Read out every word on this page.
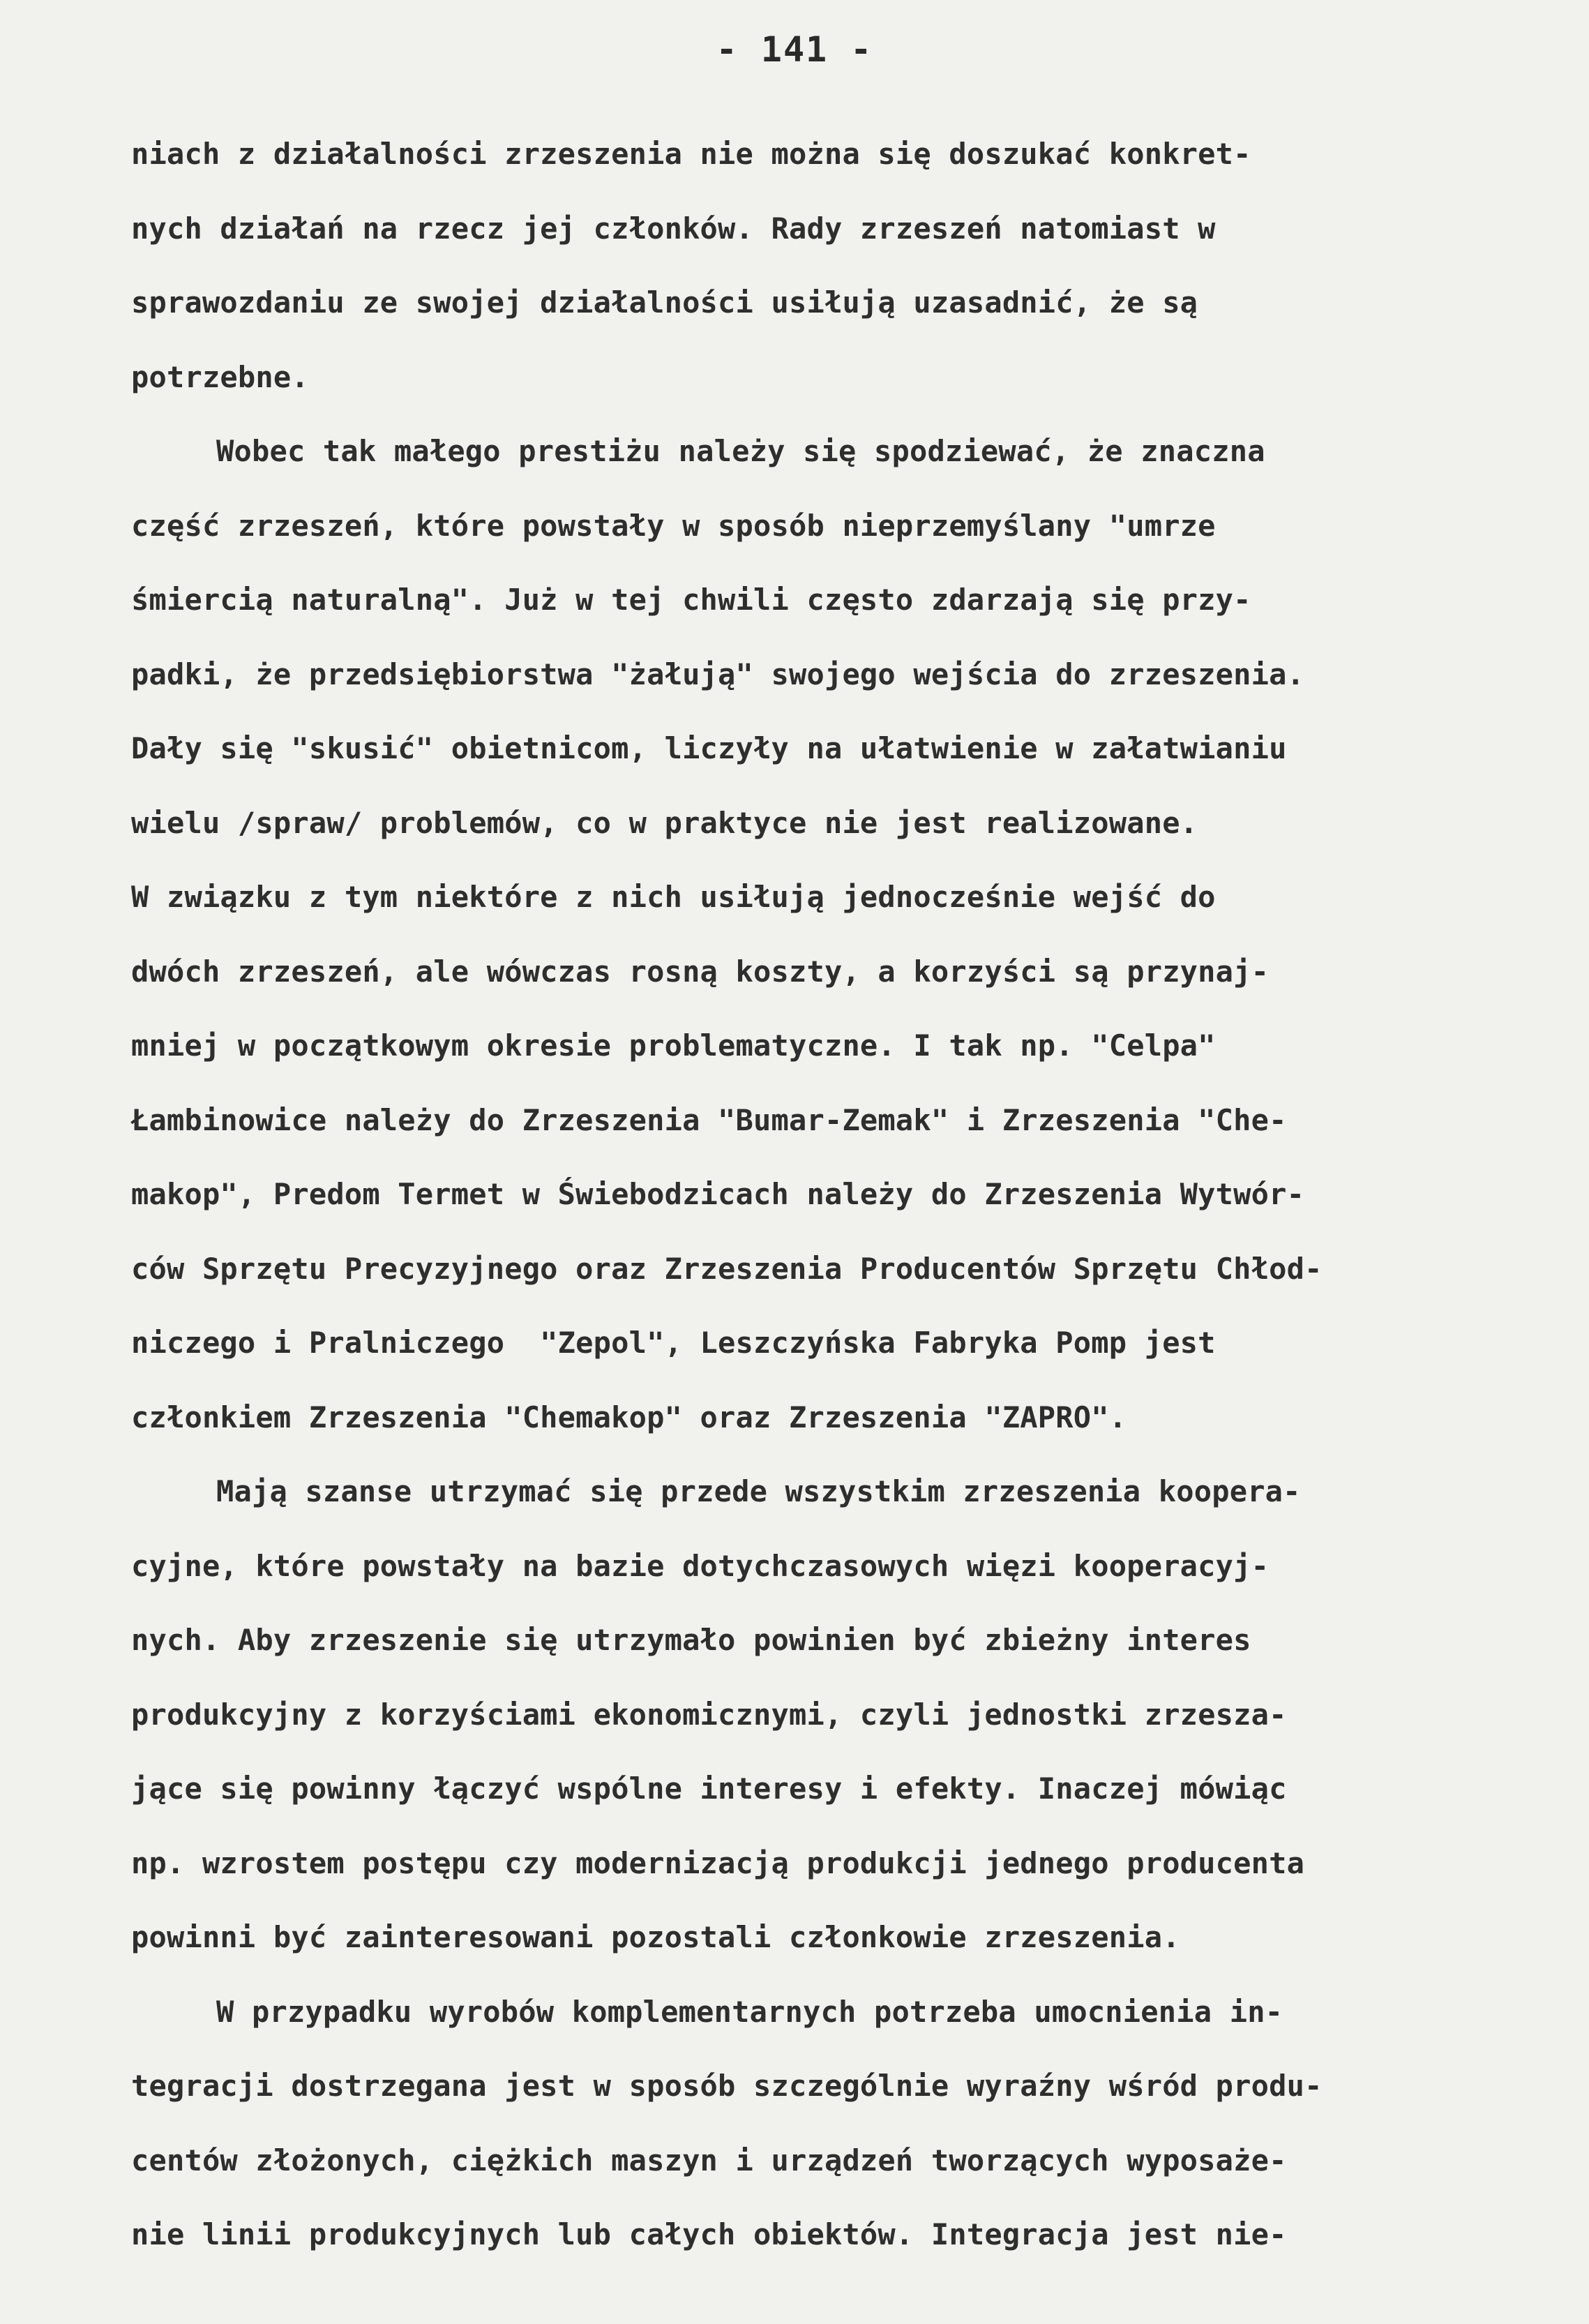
- 141 -
niach z działalności zrzeszenia nie można się doszukać konkret-
nych działań na rzecz jej członków. Rady zrzeszeń natomiast w
sprawozdaniu ze swojej działalności usiłują uzasadnić, że są
potrzebne.
Wobec tak małego prestiżu należy się spodziewać, że znaczna
część zrzeszeń, które powstały w sposób nieprzemyślany "umrze
śmiercią naturalną". Już w tej chwili często zdarzają się przy-
padki, że przedsiębiorstwa "żałują" swojego wejścia do zrzeszenia.
Dały się "skusić" obietnicom, liczyły na ułatwienie w załatwianiu
wielu /spraw/ problemów, co w praktyce nie jest realizowane.
W związku z tym niektóre z nich usiłują jednocześnie wejść do
dwóch zrzeszeń, ale wówczas rosną koszty, a korzyści są przynaj-
mniej w początkowym okresie problematyczne. I tak np. "Celpa"
Łambinowice należy do Zrzeszenia "Bumar-Zemak" i Zrzeszenia "Che-
makop", Predom Termet w Świebodzicach należy do Zrzeszenia Wytwór-
ców Sprzętu Precyzyjnego oraz Zrzeszenia Producentów Sprzętu Chłod-
niczego i Pralniczego  "Zepol", Leszczyńska Fabryka Pomp jest
członkiem Zrzeszenia "Chemakop" oraz Zrzeszenia "ZAPRO".
Mają szanse utrzymać się przede wszystkim zrzeszenia koopera-
cyjne, które powstały na bazie dotychczasowych więzi kooperacyj-
nych. Aby zrzeszenie się utrzymało powinien być zbieżny interes
produkcyjny z korzyściami ekonomicznymi, czyli jednostki zrzesza-
jące się powinny łączyć wspólne interesy i efekty. Inaczej mówiąc
np. wzrostem postępu czy modernizacją produkcji jednego producenta
powinni być zainteresowani pozostali członkowie zrzeszenia.
W przypadku wyrobów komplementarnych potrzeba umocnienia in-
tegracji dostrzegana jest w sposób szczególnie wyraźny wśród produ-
centów złożonych, ciężkich maszyn i urządzeń tworzących wyposaże-
nie linii produkcyjnych lub całych obiektów. Integracja jest nie-
